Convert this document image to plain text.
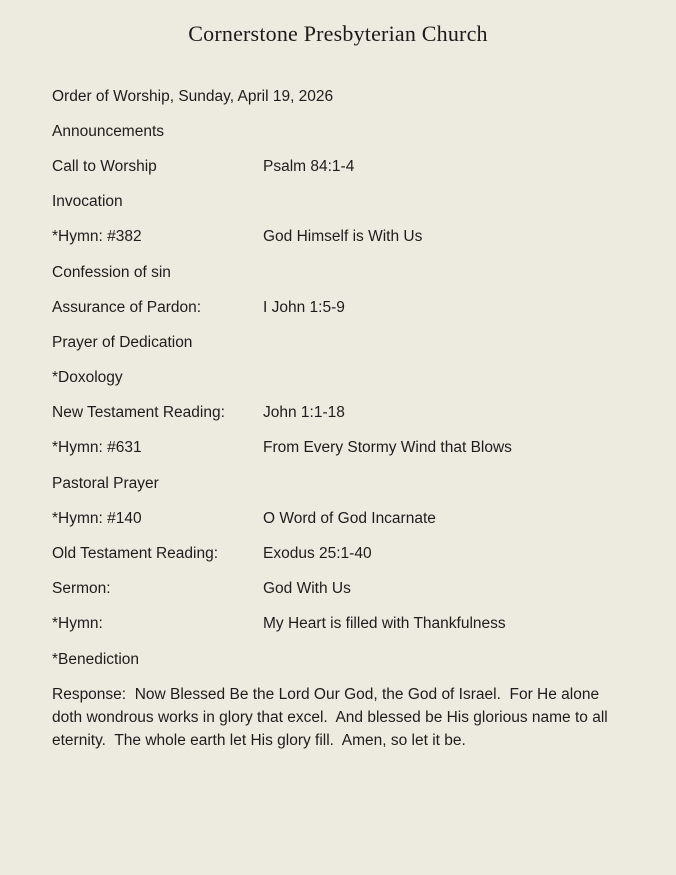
Cornerstone Presbyterian Church
Order of Worship, Sunday, April 19, 2026
Announcements
Call to Worship	Psalm 84:1-4
Invocation
*Hymn: #382	God Himself is With Us
Confession of sin
Assurance of Pardon:	I John 1:5-9
Prayer of Dedication
*Doxology
New Testament Reading:	John 1:1-18
*Hymn: #631	From Every Stormy Wind that Blows
Pastoral Prayer
*Hymn: #140	O Word of God Incarnate
Old Testament Reading:	Exodus 25:1-40
Sermon:	God With Us
*Hymn:	My Heart is filled with Thankfulness
*Benediction
Response:  Now Blessed Be the Lord Our God, the God of Israel.  For He alone doth wondrous works in glory that excel.  And blessed be His glorious name to all eternity.  The whole earth let His glory fill.  Amen, so let it be.
